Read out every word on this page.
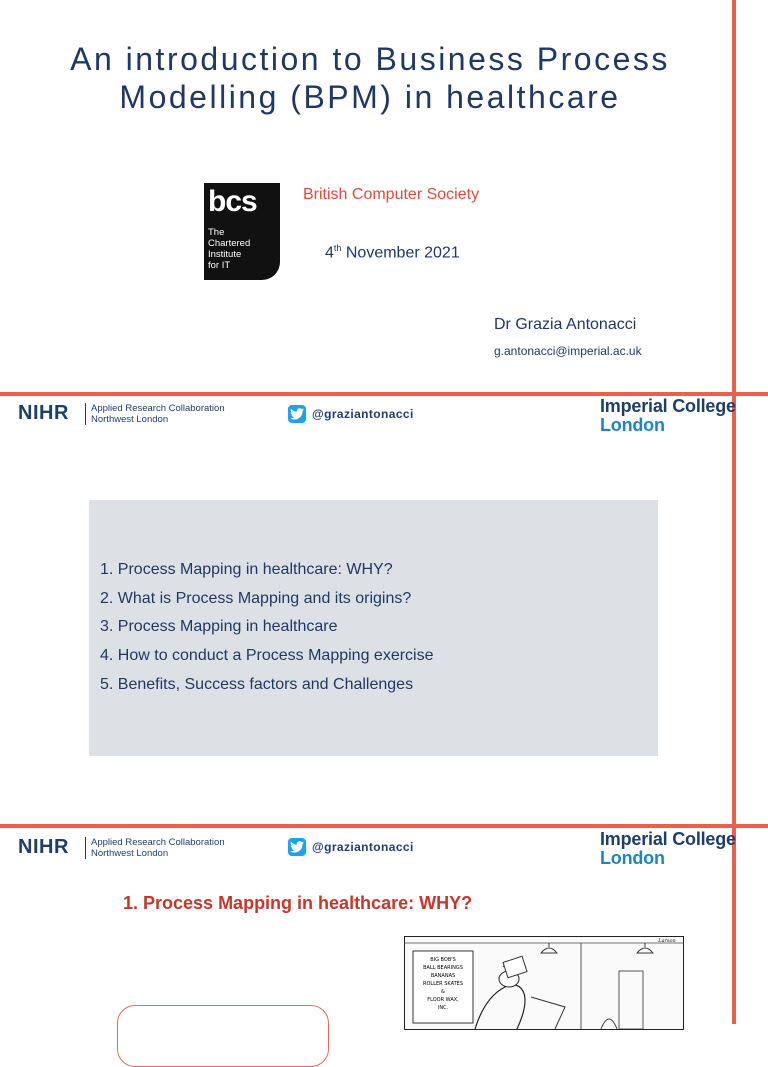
An introduction to Business Process Modelling (BPM) in healthcare
bcs
The
Chartered
Institute
for IT
British Computer Society
4th November 2021
Dr Grazia Antonacci
g.antonacci@imperial.ac.uk
NIHR Applied Research Collaboration
Northwest London	@graziantonacci	Imperial College
London
1. Process Mapping in healthcare: WHY?
2. What is Process Mapping and its origins?
3. Process Mapping in healthcare
4. How to conduct a Process Mapping exercise
5. Benefits, Success factors and Challenges
NIHR Applied Research Collaboration
Northwest London	@graziantonacci	Imperial College
London
1. Process Mapping in healthcare: WHY?
BIG BOB'S
BALL BEARINGS
BANANAS
ROLLER SKATES
&
FLOOR WAX,
INC.
Larson
